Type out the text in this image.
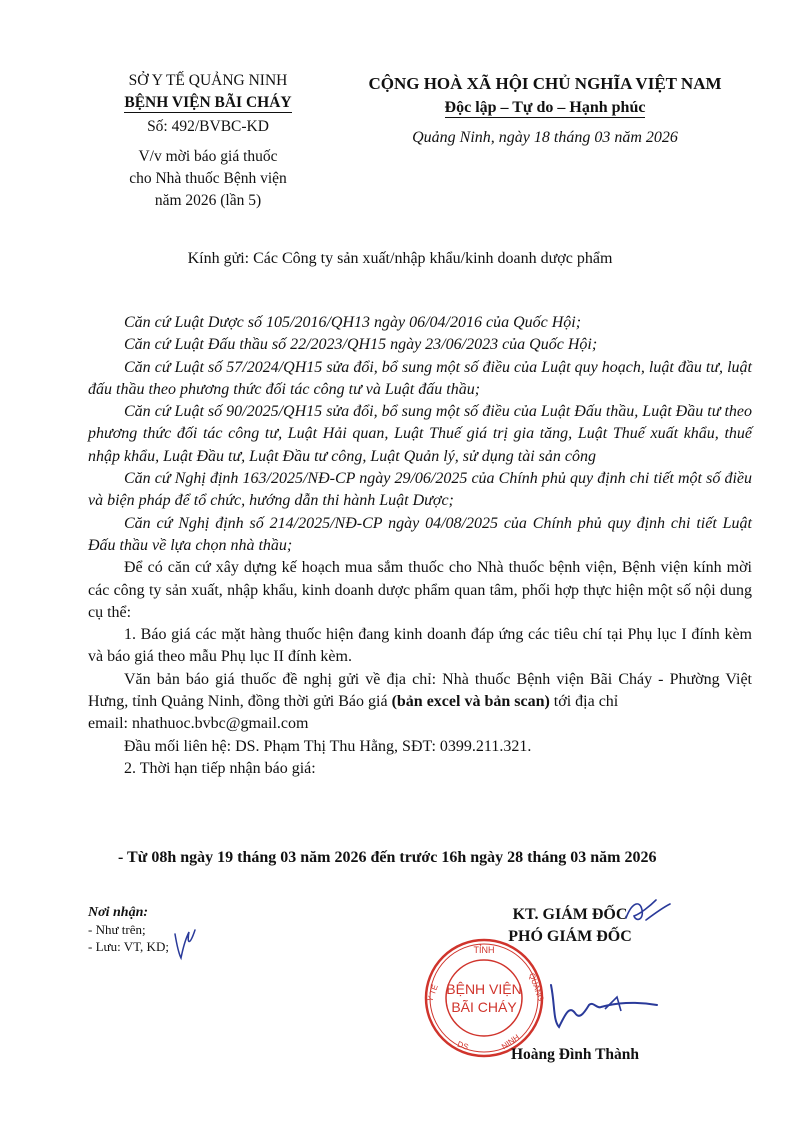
SỞ Y TẾ QUẢNG NINH
BỆNH VIỆN BÃI CHÁY
Số: 492/BVBC-KD
V/v mời báo giá thuốc
cho Nhà thuốc Bệnh viện
năm 2026 (lần 5)
CỘNG HOÀ XÃ HỘI CHỦ NGHĨA VIỆT NAM
Độc lập – Tự do – Hạnh phúc
Quảng Ninh, ngày 18 tháng 03 năm 2026
Kính gửi: Các Công ty sản xuất/nhập khẩu/kinh doanh dược phẩm

Căn cứ Luật Dược số 105/2016/QH13 ngày 06/04/2016 của Quốc Hội;

Căn cứ Luật Đấu thầu số 22/2023/QH15 ngày 23/06/2023 của Quốc Hội;

Căn cứ Luật số 57/2024/QH15 sửa đổi, bổ sung một số điều của Luật quy hoạch, luật đầu tư, luật đấu thầu theo phương thức đối tác công tư và Luật đấu thầu;

Căn cứ Luật số 90/2025/QH15 sửa đổi, bổ sung một số điều của Luật Đấu thầu, Luật Đầu tư theo phương thức đối tác công tư, Luật Hải quan, Luật Thuế giá trị gia tăng, Luật Thuế xuất khẩu, thuế nhập khẩu, Luật Đầu tư, Luật Đầu tư công, Luật Quản lý, sử dụng tài sản công

Căn cứ Nghị định 163/2025/NĐ-CP ngày 29/06/2025 của Chính phủ quy định chi tiết một số điều và biện pháp để tổ chức, hướng dẫn thi hành Luật Dược;

Căn cứ Nghị định số 214/2025/NĐ-CP ngày 04/08/2025 của Chính phủ quy định chi tiết Luật Đấu thầu về lựa chọn nhà thầu;

Để có căn cứ xây dựng kế hoạch mua sắm thuốc cho Nhà thuốc bệnh viện, Bệnh viện kính mời các công ty sản xuất, nhập khẩu, kinh doanh dược phẩm quan tâm, phối hợp thực hiện một số nội dung cụ thể:

1. Báo giá các mặt hàng thuốc hiện đang kinh doanh đáp ứng các tiêu chí tại Phụ lục I đính kèm và báo giá theo mẫu Phụ lục II đính kèm.

Văn bản báo giá thuốc đề nghị gửi về địa chỉ: Nhà thuốc Bệnh viện Bãi Cháy - Phường Việt Hưng, tỉnh Quảng Ninh, đồng thời gửi Báo giá (bản excel và bản scan) tới địa chỉ

email: nhathuoc.bvbc@gmail.com

Đầu mối liên hệ: DS. Phạm Thị Thu Hằng, SĐT: 0399.211.321.

2. Thời hạn tiếp nhận báo giá:

- Từ 08h ngày 19 tháng 03 năm 2026 đến trước 16h ngày 28 tháng 03 năm 2026
Nơi nhận:
- Như trên;
- Lưu: VT, KD;
KT. GIÁM ĐỐC
PHÓ GIÁM ĐỐC
TỈNH
Y TẾ	QUẢNG
DS	NINH
BỆNH VIỆN
BÃI CHÁY
Hoàng Đình Thành
